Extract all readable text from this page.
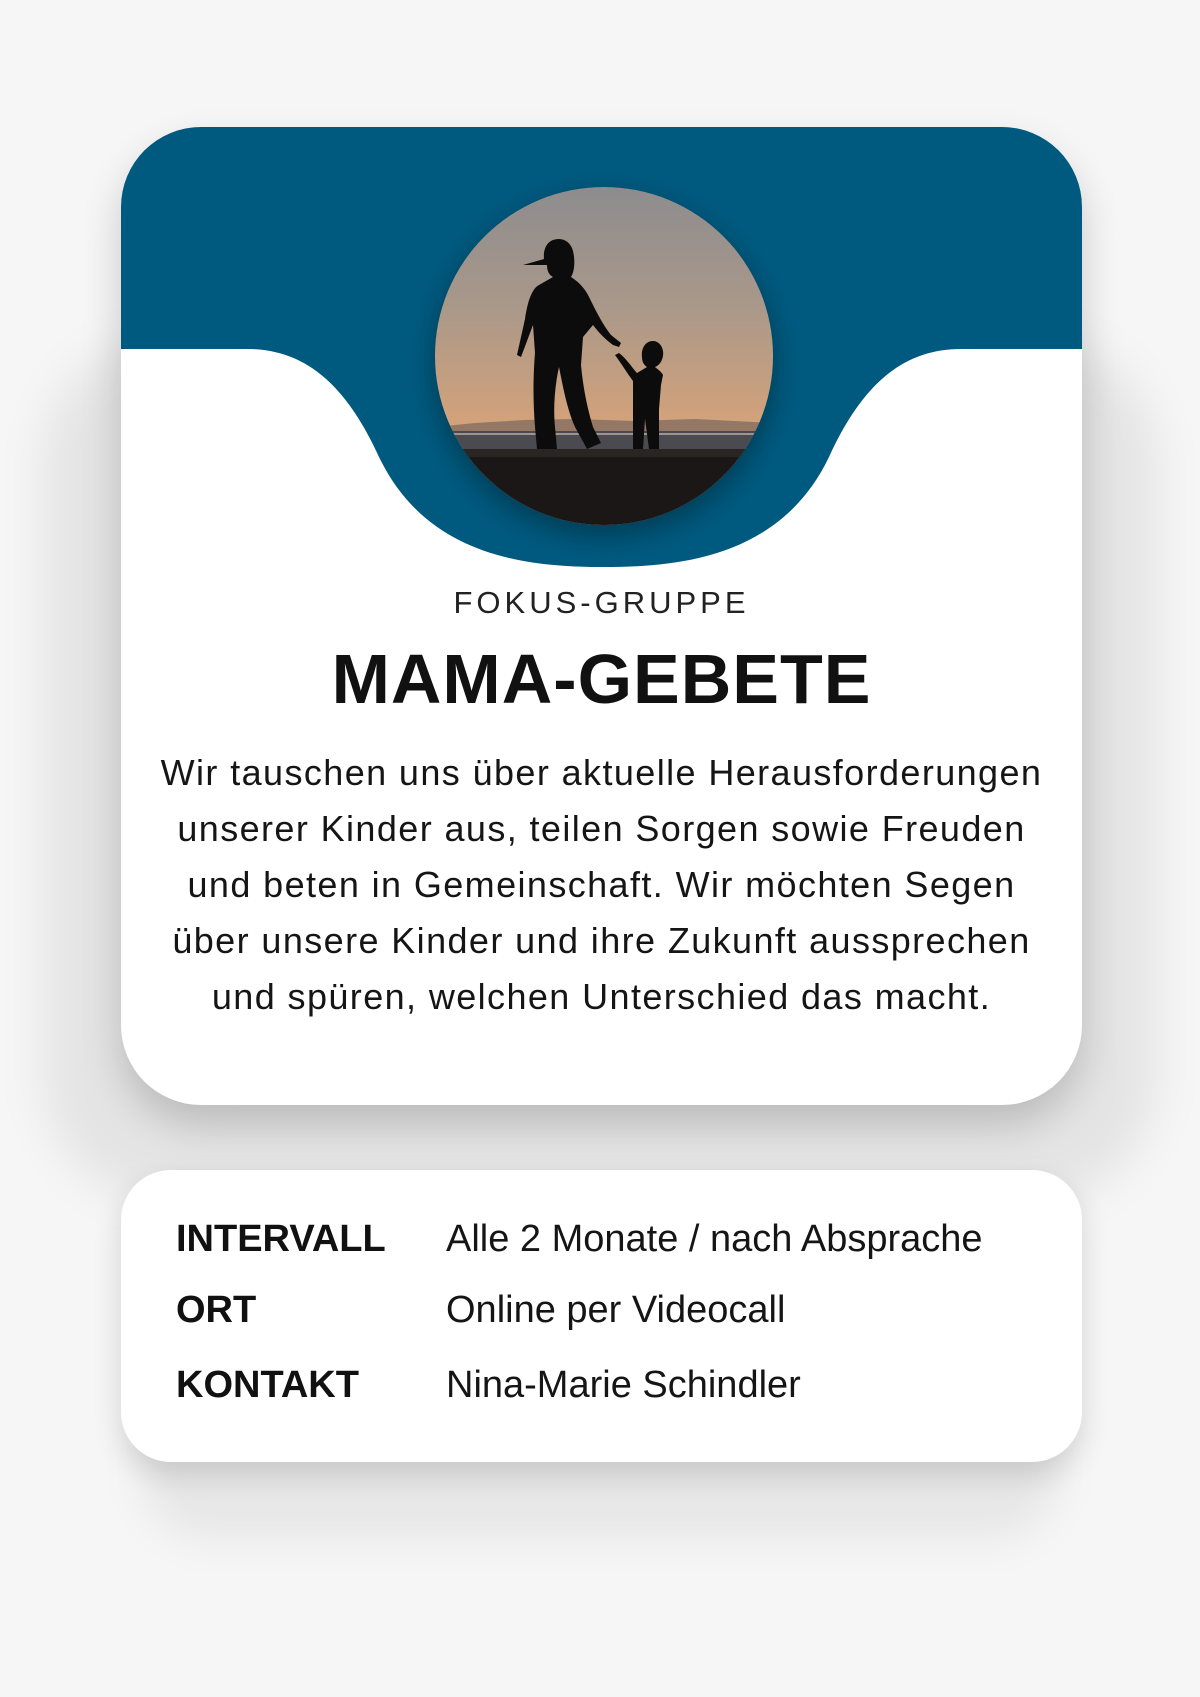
FOKUS-GRUPPE
MAMA-GEBETE
Wir tauschen uns über aktuelle Herausforderungen unserer Kinder aus, teilen Sorgen sowie Freuden und beten in Gemeinschaft. Wir möchten Segen über unsere Kinder und ihre Zukunft aussprechen und spüren, welchen Unterschied das macht.
INTERVALL	Alle 2 Monate / nach Absprache
ORT	Online per Videocall
KONTAKT	Nina-Marie Schindler
